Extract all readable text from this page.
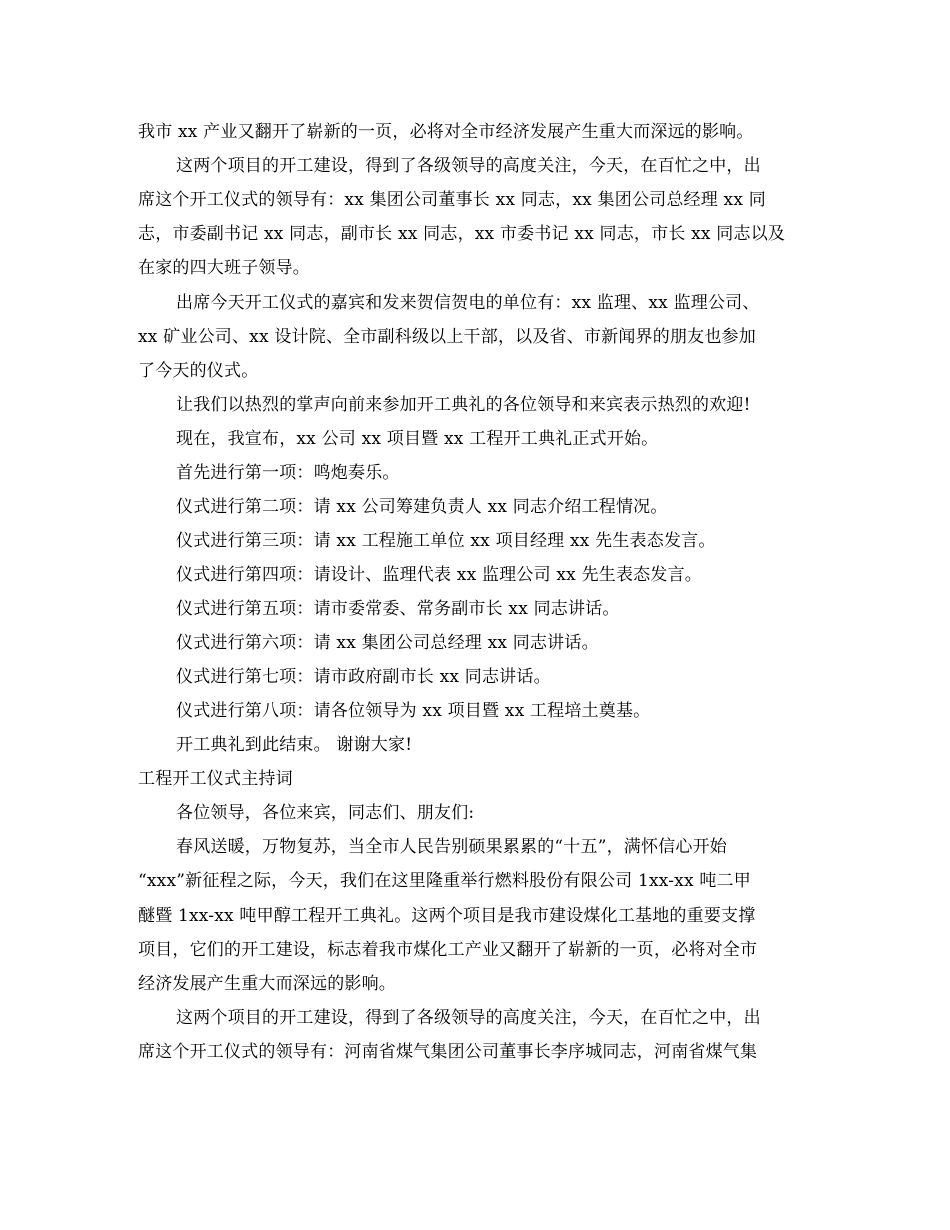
我市 xx 产业又翻开了崭新的一页，必将对全市经济发展产生重大而深远的影响。
这两个项目的开工建设，得到了各级领导的高度关注，今天，在百忙之中，出
席这个开工仪式的领导有：xx 集团公司董事长 xx 同志，xx 集团公司总经理 xx 同
志，市委副书记 xx 同志，副市长 xx 同志，xx 市委书记 xx 同志，市长 xx 同志以及
在家的四大班子领导。
出席今天开工仪式的嘉宾和发来贺信贺电的单位有：xx 监理、xx 监理公司、
xx 矿业公司、xx 设计院、全市副科级以上干部，以及省、市新闻界的朋友也参加
了今天的仪式。
让我们以热烈的掌声向前来参加开工典礼的各位领导和来宾表示热烈的欢迎!
现在，我宣布，xx 公司 xx 项目暨 xx 工程开工典礼正式开始。
首先进行第一项：鸣炮奏乐。
仪式进行第二项：请 xx 公司筹建负责人 xx 同志介绍工程情况。
仪式进行第三项：请 xx 工程施工单位 xx 项目经理 xx 先生表态发言。
仪式进行第四项：请设计、监理代表 xx 监理公司 xx 先生表态发言。
仪式进行第五项：请市委常委、常务副市长 xx 同志讲话。
仪式进行第六项：请 xx 集团公司总经理 xx 同志讲话。
仪式进行第七项：请市政府副市长 xx 同志讲话。
仪式进行第八项：请各位领导为 xx 项目暨 xx 工程培土奠基。
开工典礼到此结束。 谢谢大家!
工程开工仪式主持词
各位领导，各位来宾，同志们、朋友们:
春风送暖，万物复苏，当全市人民告别硕果累累的“十五”，满怀信心开始
“xxx”新征程之际，今天，我们在这里隆重举行燃料股份有限公司 1xx-xx 吨二甲
醚暨 1xx-xx 吨甲醇工程开工典礼。这两个项目是我市建设煤化工基地的重要支撑
项目，它们的开工建设，标志着我市煤化工产业又翻开了崭新的一页，必将对全市
经济发展产生重大而深远的影响。
这两个项目的开工建设，得到了各级领导的高度关注，今天，在百忙之中，出
席这个开工仪式的领导有：河南省煤气集团公司董事长李序城同志，河南省煤气集
